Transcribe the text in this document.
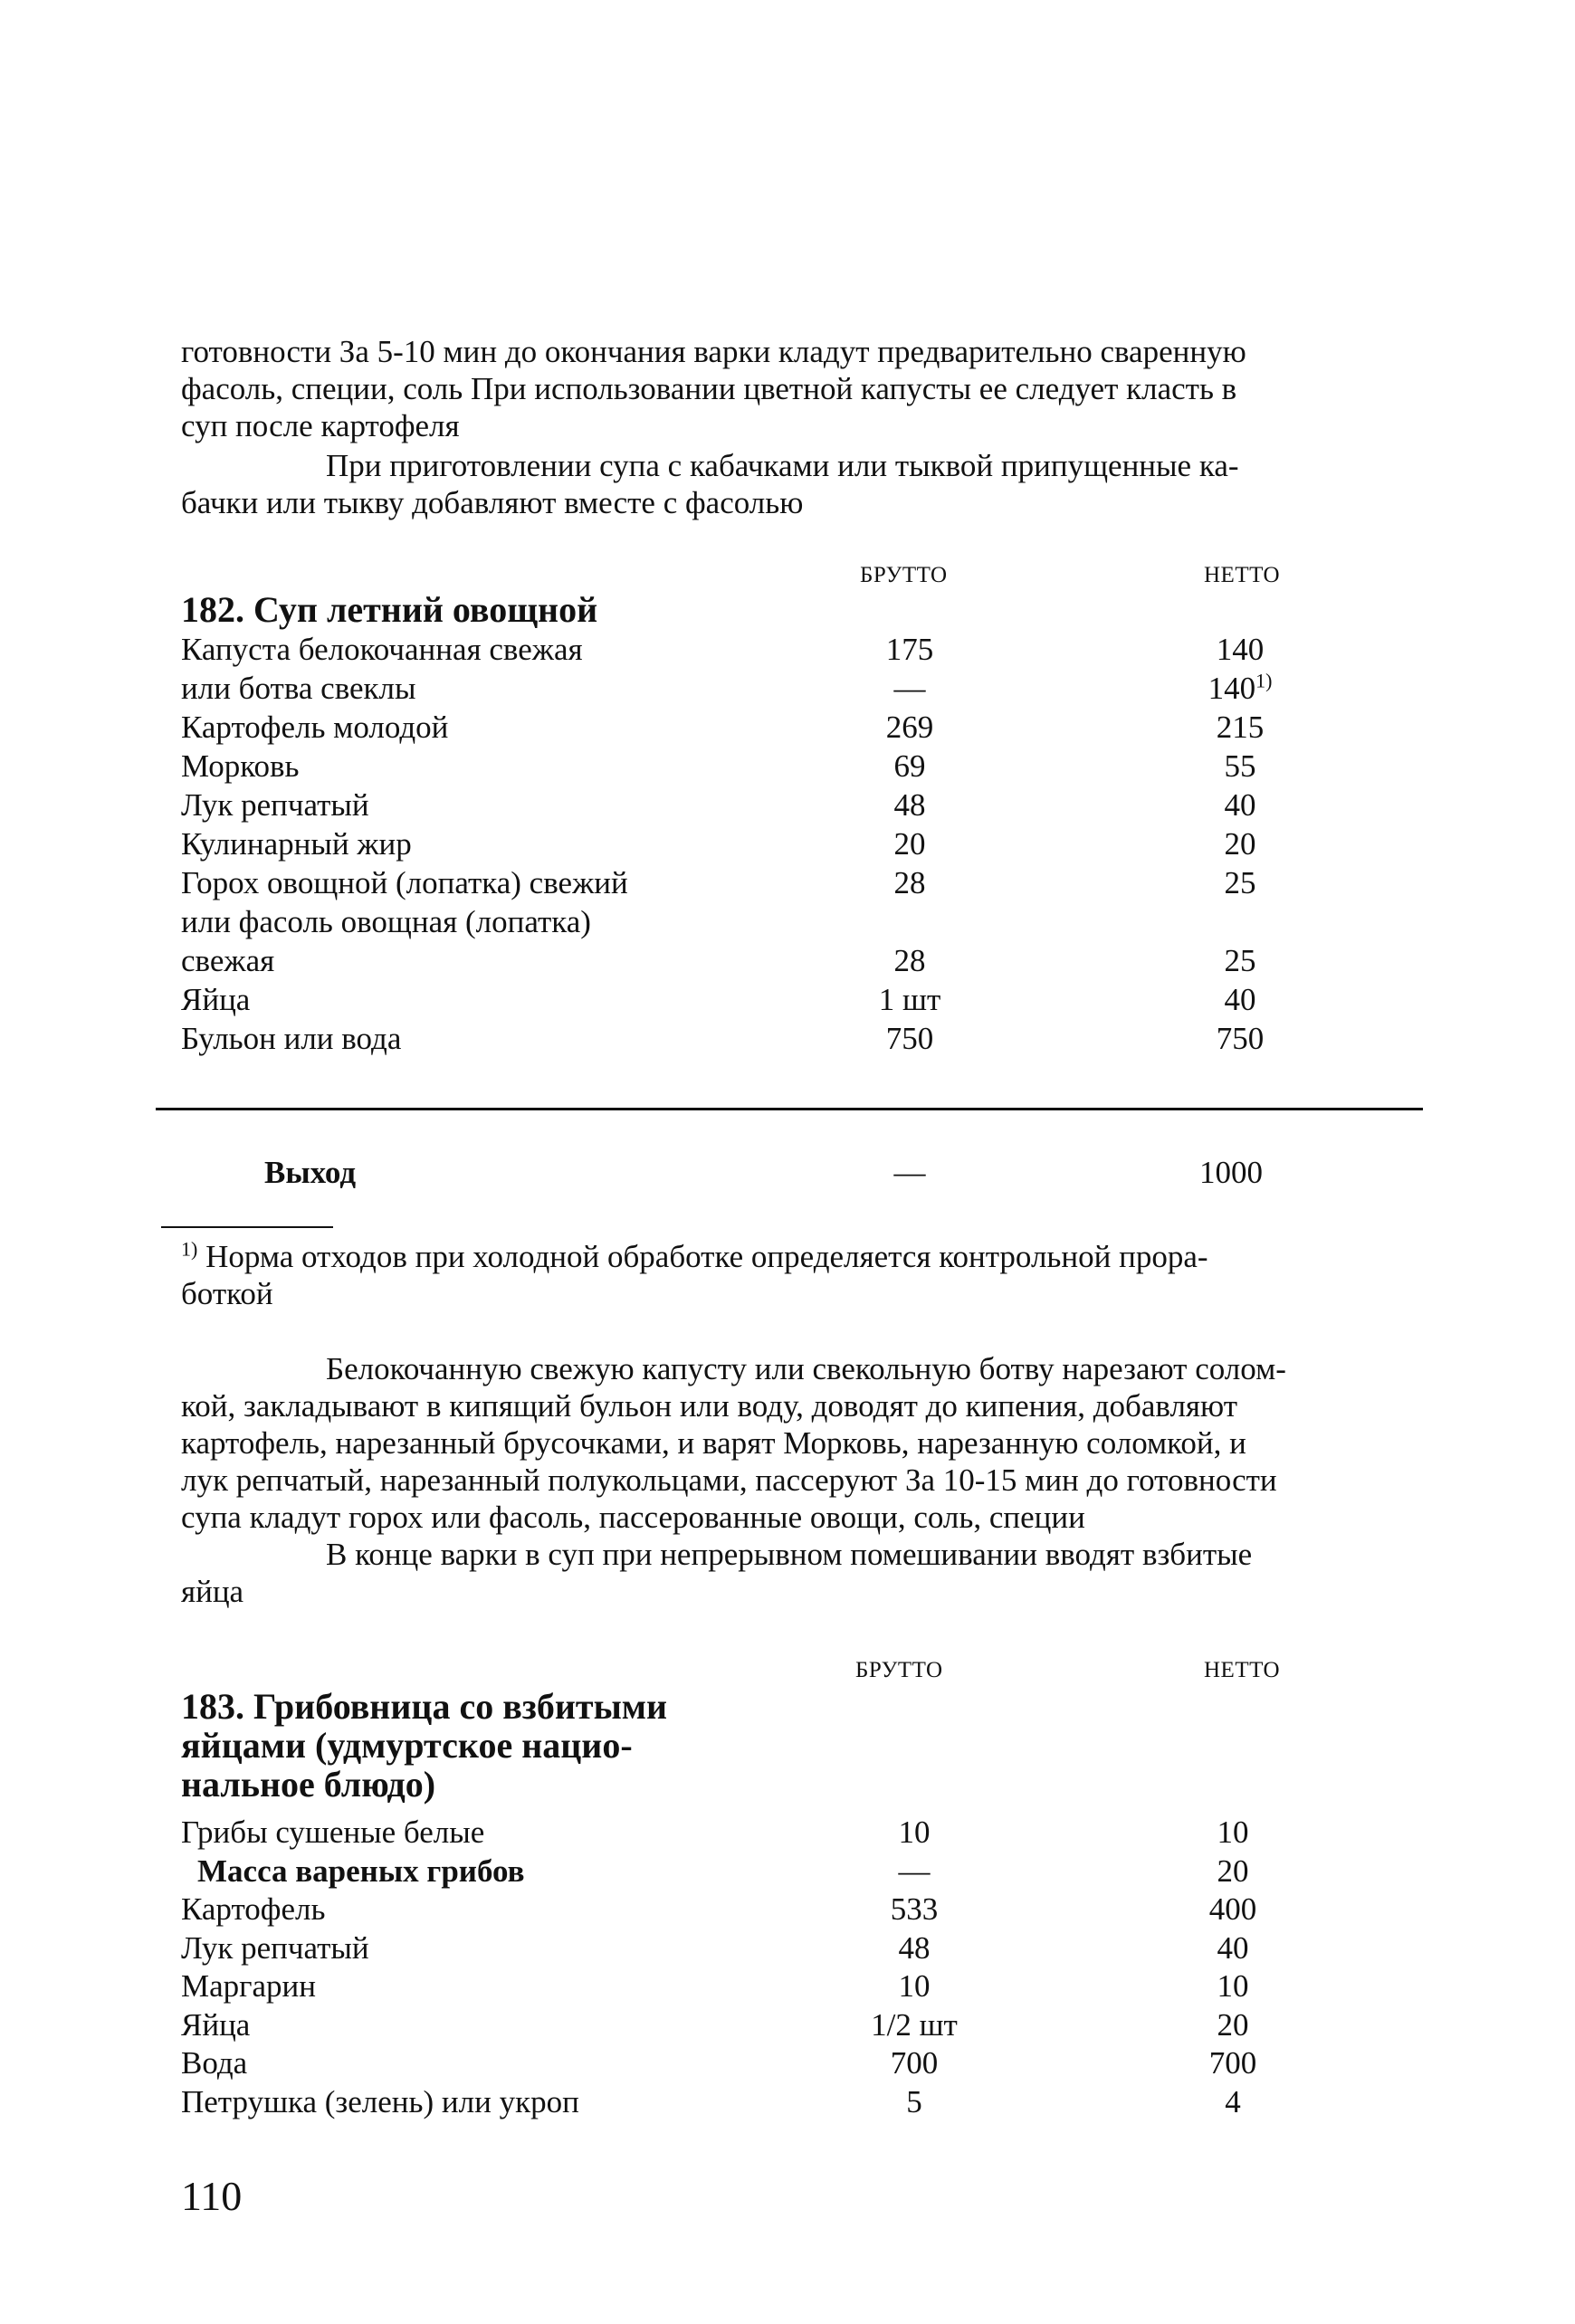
готовности За 5-10 мин до окончания варки кладут предварительно сваренную
фасоль, специи, соль При использовании цветной капусты ее следует класть в
суп после картофеля
При приготовлении супа с кабачками или тыквой припущенные ка-
бачки или тыкву добавляют вместе с фасолью
БРУТТО	НЕТТО
182. Суп летний овощной
Капуста белокочанная свежая	175	140
или ботва свеклы	—	140$^{1)}$
Картофель молодой	269	215
Морковь	69	55
Лук репчатый	48	40
Кулинарный жир	20	20
Горох овощной (лопатка) свежий	28	25
или фасоль овощная (лопатка)
свежая	28	25
Яйца	1 шт	40
Бульон или вода	750	750
Выход	—	1000
$^{1)}$ Норма отходов при холодной обработке определяется контрольной прора-
боткой
Белокочанную свежую капусту или свекольную ботву нарезают солом-
кой, закладывают в кипящий бульон или воду, доводят до кипения, добавляют
картофель, нарезанный брусочками, и варят Морковь, нарезанную соломкой, и
лук репчатый, нарезанный полукольцами, пассеруют За 10-15 мин до готовности
супа кладут горох или фасоль, пассерованные овощи, соль, специи
В конце варки в суп при непрерывном помешивании вводят взбитые
яйца
БРУТТО	НЕТТО
183. Грибовница со взбитыми
яйцами (удмуртское нацио-
нальное блюдо)
Грибы сушеные белые	10	10
Масса вареных грибов	—	20
Картофель	533	400
Лук репчатый	48	40
Маргарин	10	10
Яйца	1/2 шт	20
Вода	700	700
Петрушка (зелень) или укроп	5	4
110
